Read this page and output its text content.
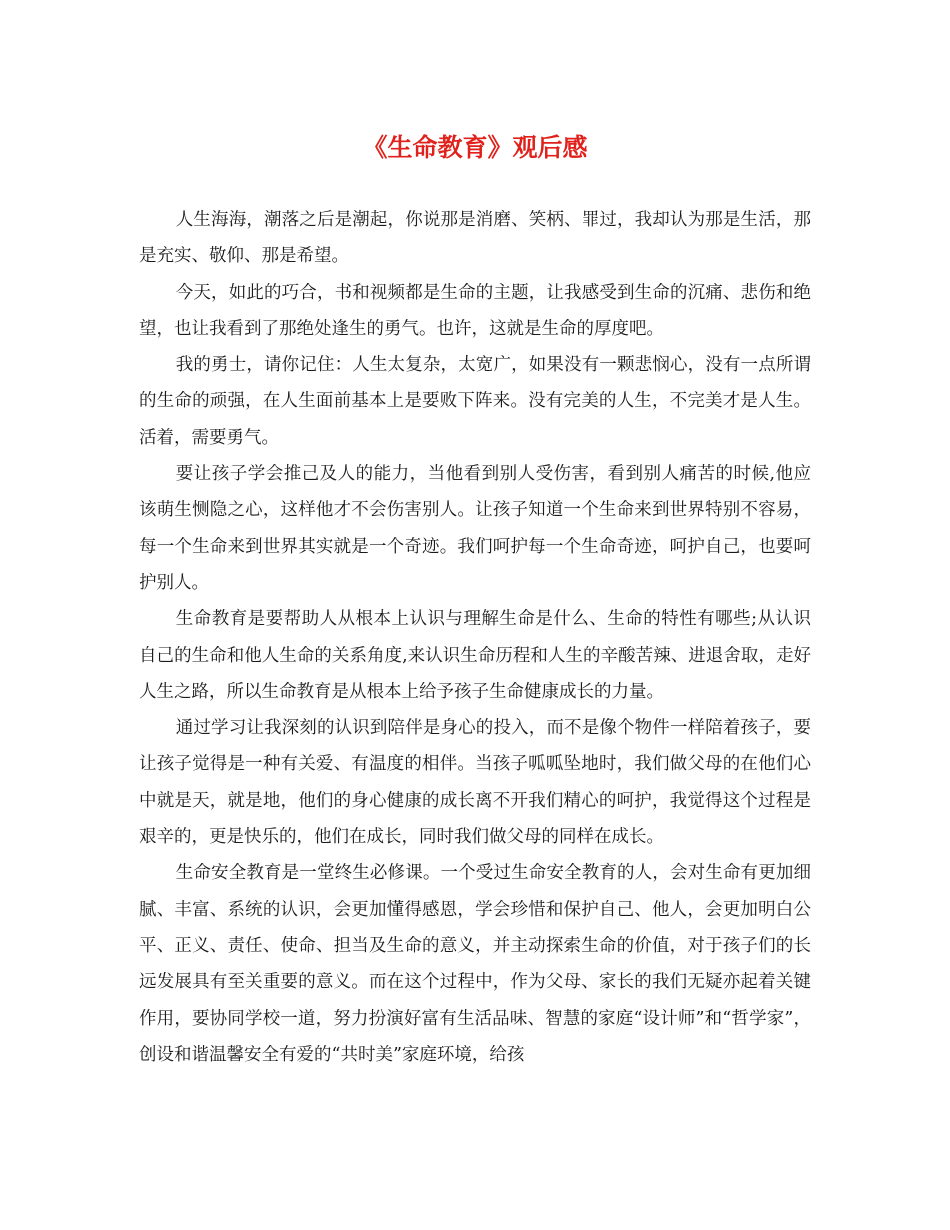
《生命教育》观后感

人生海海，潮落之后是潮起，你说那是消磨、笑柄、罪过，我却认为那是生活，那是充实、敬仰、那是希望。

今天，如此的巧合，书和视频都是生命的主题，让我感受到生命的沉痛、悲伤和绝望，也让我看到了那绝处逢生的勇气。也许，这就是生命的厚度吧。

我的勇士，请你记住：人生太复杂，太宽广，如果没有一颗悲悯心，没有一点所谓的生命的顽强，在人生面前基本上是要败下阵来。没有完美的人生，不完美才是人生。活着，需要勇气。

要让孩子学会推己及人的能力，当他看到别人受伤害，看到别人痛苦的时候,他应该萌生恻隐之心，这样他才不会伤害别人。让孩子知道一个生命来到世界特别不容易，每一个生命来到世界其实就是一个奇迹。我们呵护每一个生命奇迹，呵护自己，也要呵护别人。

生命教育是要帮助人从根本上认识与理解生命是什么、生命的特性有哪些;从认识自己的生命和他人生命的关系角度,来认识生命历程和人生的辛酸苦辣、进退舍取，走好人生之路，所以生命教育是从根本上给予孩子生命健康成长的力量。

通过学习让我深刻的认识到陪伴是身心的投入，而不是像个物件一样陪着孩子，要让孩子觉得是一种有关爱、有温度的相伴。当孩子呱呱坠地时，我们做父母的在他们心中就是天，就是地，他们的身心健康的成长离不开我们精心的呵护，我觉得这个过程是艰辛的，更是快乐的，他们在成长，同时我们做父母的同样在成长。

生命安全教育是一堂终生必修课。一个受过生命安全教育的人，会对生命有更加细腻、丰富、系统的认识，会更加懂得感恩，学会珍惜和保护自己、他人，会更加明白公平、正义、责任、使命、担当及生命的意义，并主动探索生命的价值，对于孩子们的长远发展具有至关重要的意义。而在这个过程中，作为父母、家长的我们无疑亦起着关键作用，要协同学校一道，努力扮演好富有生活品味、智慧的家庭“设计师”和“哲学家”，创设和谐温馨安全有爱的“共时美”家庭环境，给孩
